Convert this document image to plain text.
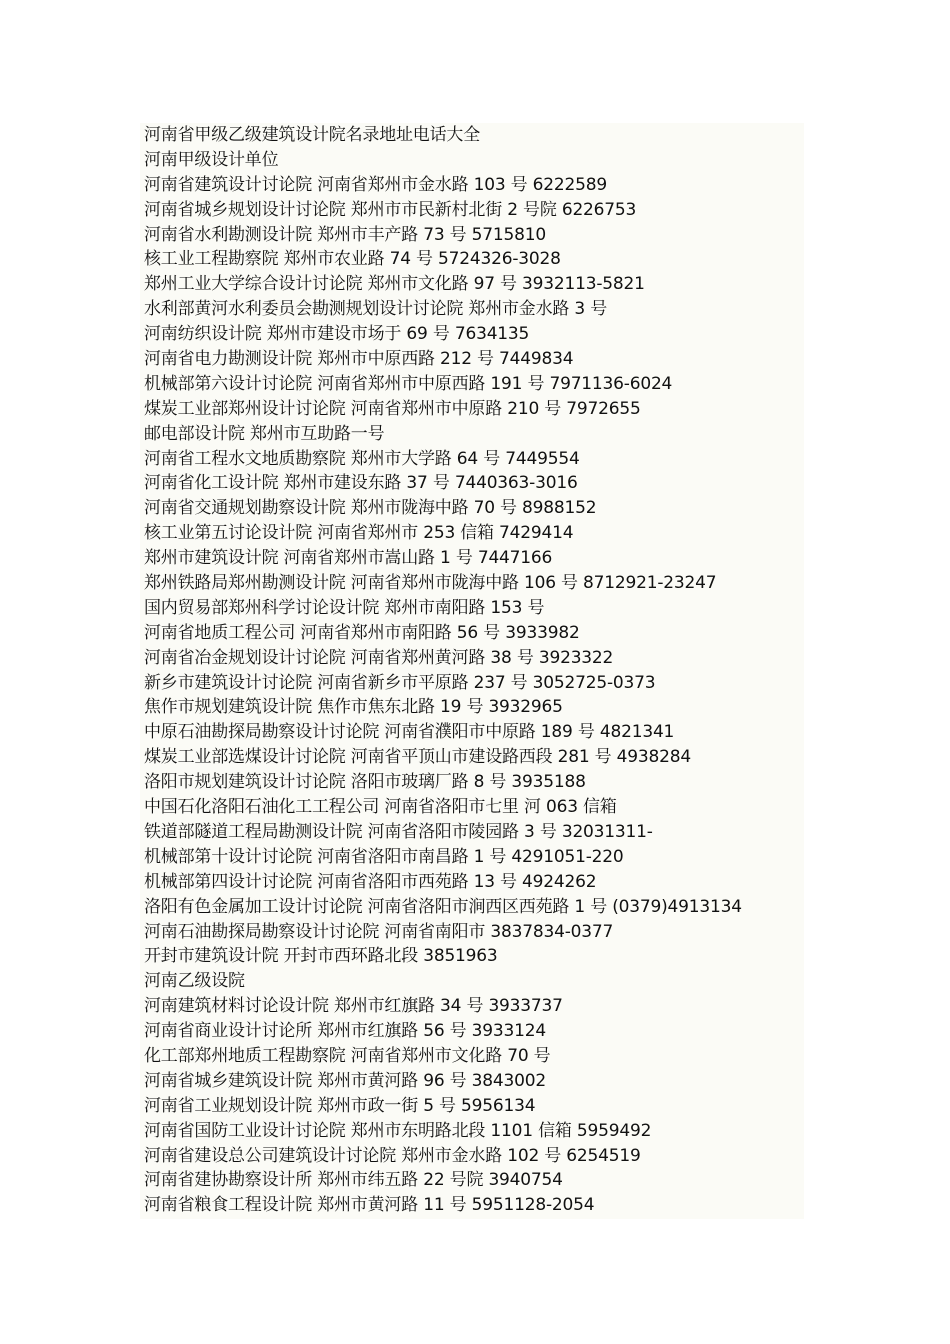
河南省甲级乙级建筑设计院名录地址电话大全
河南甲级设计单位
河南省建筑设计讨论院 河南省郑州市金水路 103 号 6222589
河南省城乡规划设计讨论院 郑州市市民新村北街 2 号院 6226753
河南省水利勘测设计院 郑州市丰产路 73 号 5715810
核工业工程勘察院 郑州市农业路 74 号 5724326-3028
郑州工业大学综合设计讨论院 郑州市文化路 97 号 3932113-5821
水利部黄河水利委员会勘测规划设计讨论院 郑州市金水路 3 号
河南纺织设计院 郑州市建设市场于 69 号 7634135
河南省电力勘测设计院 郑州市中原西路 212 号 7449834
机械部第六设计讨论院 河南省郑州市中原西路 191 号 7971136-6024
煤炭工业部郑州设计讨论院 河南省郑州市中原路 210 号 7972655
邮电部设计院 郑州市互助路一号
河南省工程水文地质勘察院 郑州市大学路 64 号 7449554
河南省化工设计院 郑州市建设东路 37 号 7440363-3016
河南省交通规划勘察设计院 郑州市陇海中路 70 号 8988152
核工业第五讨论设计院 河南省郑州市 253 信箱 7429414
郑州市建筑设计院 河南省郑州市嵩山路 1 号 7447166
郑州铁路局郑州勘测设计院 河南省郑州市陇海中路 106 号 8712921-23247
国内贸易部郑州科学讨论设计院 郑州市南阳路 153 号
河南省地质工程公司 河南省郑州市南阳路 56 号 3933982
河南省冶金规划设计讨论院 河南省郑州黄河路 38 号 3923322
新乡市建筑设计讨论院 河南省新乡市平原路 237 号 3052725-0373
焦作市规划建筑设计院 焦作市焦东北路 19 号 3932965
中原石油勘探局勘察设计讨论院 河南省濮阳市中原路 189 号 4821341
煤炭工业部选煤设计讨论院 河南省平顶山市建设路西段 281 号 4938284
洛阳市规划建筑设计讨论院 洛阳市玻璃厂路 8 号 3935188
中国石化洛阳石油化工工程公司 河南省洛阳市七里 河 063 信箱
铁道部隧道工程局勘测设计院 河南省洛阳市陵园路 3 号 32031311-
机械部第十设计讨论院 河南省洛阳市南昌路 1 号 4291051-220
机械部第四设计讨论院 河南省洛阳市西苑路 13 号 4924262
洛阳有色金属加工设计讨论院 河南省洛阳市涧西区西苑路 1 号 (0379)4913134
河南石油勘探局勘察设计讨论院 河南省南阳市 3837834-0377
开封市建筑设计院 开封市西环路北段 3851963
河南乙级设院
河南建筑材料讨论设计院 郑州市红旗路 34 号 3933737
河南省商业设计讨论所 郑州市红旗路 56 号 3933124
化工部郑州地质工程勘察院 河南省郑州市文化路 70 号
河南省城乡建筑设计院 郑州市黄河路 96 号 3843002
河南省工业规划设计院 郑州市政一街 5 号 5956134
河南省国防工业设计讨论院 郑州市东明路北段 1101 信箱 5959492
河南省建设总公司建筑设计讨论院 郑州市金水路 102 号 6254519
河南省建协勘察设计所 郑州市纬五路 22 号院 3940754
河南省粮食工程设计院 郑州市黄河路 11 号 5951128-2054
